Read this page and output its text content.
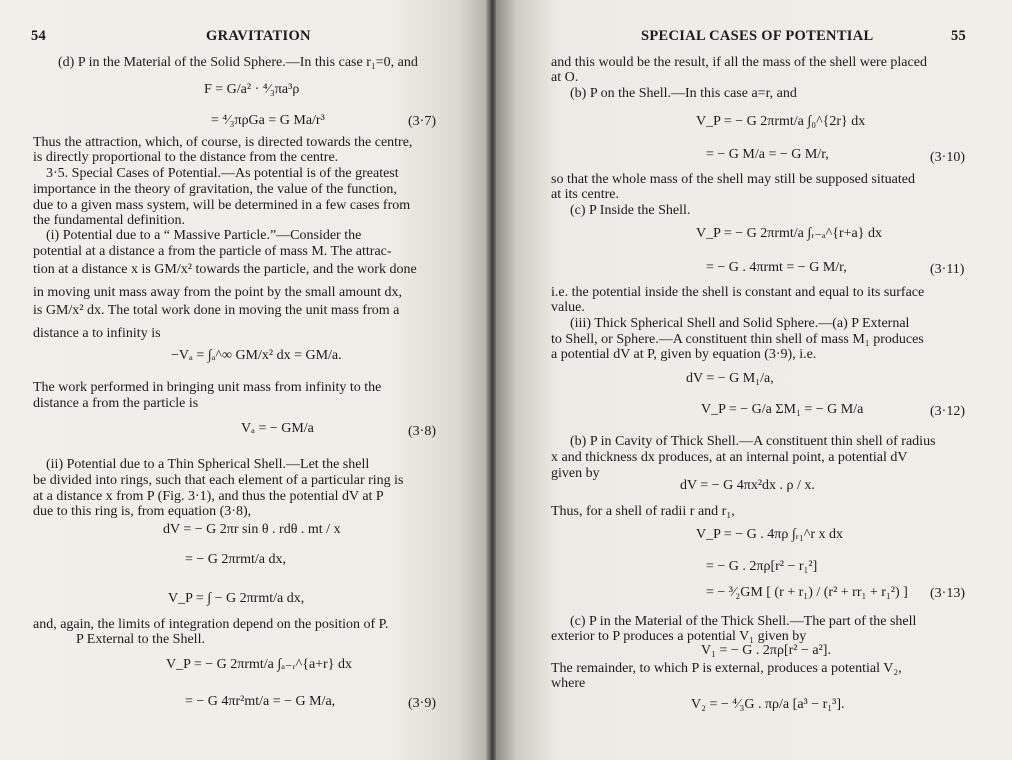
54	GRAVITATION
(d) P in the Material of the Solid Sphere.—In this case r₁=0, and
F = G/a² · ⁴⁄₃πa³ρ
= ⁴⁄₃πρGa = G Ma/r³	(3·7)
Thus the attraction, which, of course, is directed towards the centre,
is directly proportional to the distance from the centre.
3·5. Special Cases of Potential.—As potential is of the greatest
importance in the theory of gravitation, the value of the function,
due to a given mass system, will be determined in a few cases from
the fundamental definition.
(i) Potential due to a “ Massive Particle.”—Consider the
potential at a distance a from the particle of mass M. The attrac-
tion at a distance x is GM/x² towards the particle, and the work done
in moving unit mass away from the point by the small amount dx,
is GM/x² dx. The total work done in moving the unit mass from a
distance a to infinity is
−Vₐ = ∫ₐ^∞ GM/x² dx = GM/a.
The work performed in bringing unit mass from infinity to the
distance a from the particle is
Vₐ = − GM/a	(3·8)
(ii) Potential due to a Thin Spherical Shell.—Let the shell
be divided into rings, such that each element of a particular ring is
at a distance x from P (Fig. 3·1), and thus the potential dV at P
due to this ring is, from equation (3·8),
dV = − G 2πr sin θ . rdθ . mt / x
= − G 2πrmt/a dx,
V_P = ∫ − G 2πrmt/a dx,
and, again, the limits of integration depend on the position of P.
P External to the Shell.
V_P = − G 2πrmt/a ∫ₐ₋ᵣ^{a+r} dx
= − G 4πr²mt/a = − G M/a,	(3·9)
SPECIAL CASES OF POTENTIAL	55
and this would be the result, if all the mass of the shell were placed
at O.
(b) P on the Shell.—In this case a=r, and
V_P = − G 2πrmt/a ∫₀^{2r} dx
= − G M/a = − G M/r,	(3·10)
so that the whole mass of the shell may still be supposed situated
at its centre.
(c) P Inside the Shell.
V_P = − G 2πrmt/a ∫ᵣ₋ₐ^{r+a} dx
= − G . 4πrmt = − G M/r,	(3·11)
i.e. the potential inside the shell is constant and equal to its surface
value.
(iii) Thick Spherical Shell and Solid Sphere.—(a) P External
to Shell, or Sphere.—A constituent thin shell of mass M₁ produces
a potential dV at P, given by equation (3·9), i.e.
dV = − G M₁/a,
V_P = − G/a ΣM₁ = − G M/a	(3·12)
(b) P in Cavity of Thick Shell.—A constituent thin shell of radius
x and thickness dx produces, at an internal point, a potential dV
given by
dV = − G 4πx²dx . ρ / x.
Thus, for a shell of radii r and r₁,
V_P = − G . 4πρ ∫ᵣ₁^r x dx
= − G . 2πρ[r² − r₁²]
= − ³⁄₂GM [ (r + r₁) / (r² + rr₁ + r₁²) ] (3·13)
(c) P in the Material of the Thick Shell.—The part of the shell
exterior to P produces a potential V₁ given by
V₁ = − G . 2πρ[r² − a²].
The remainder, to which P is external, produces a potential V₂,
where
V₂ = − ⁴⁄₃G . πρ/a [a³ − r₁³].
